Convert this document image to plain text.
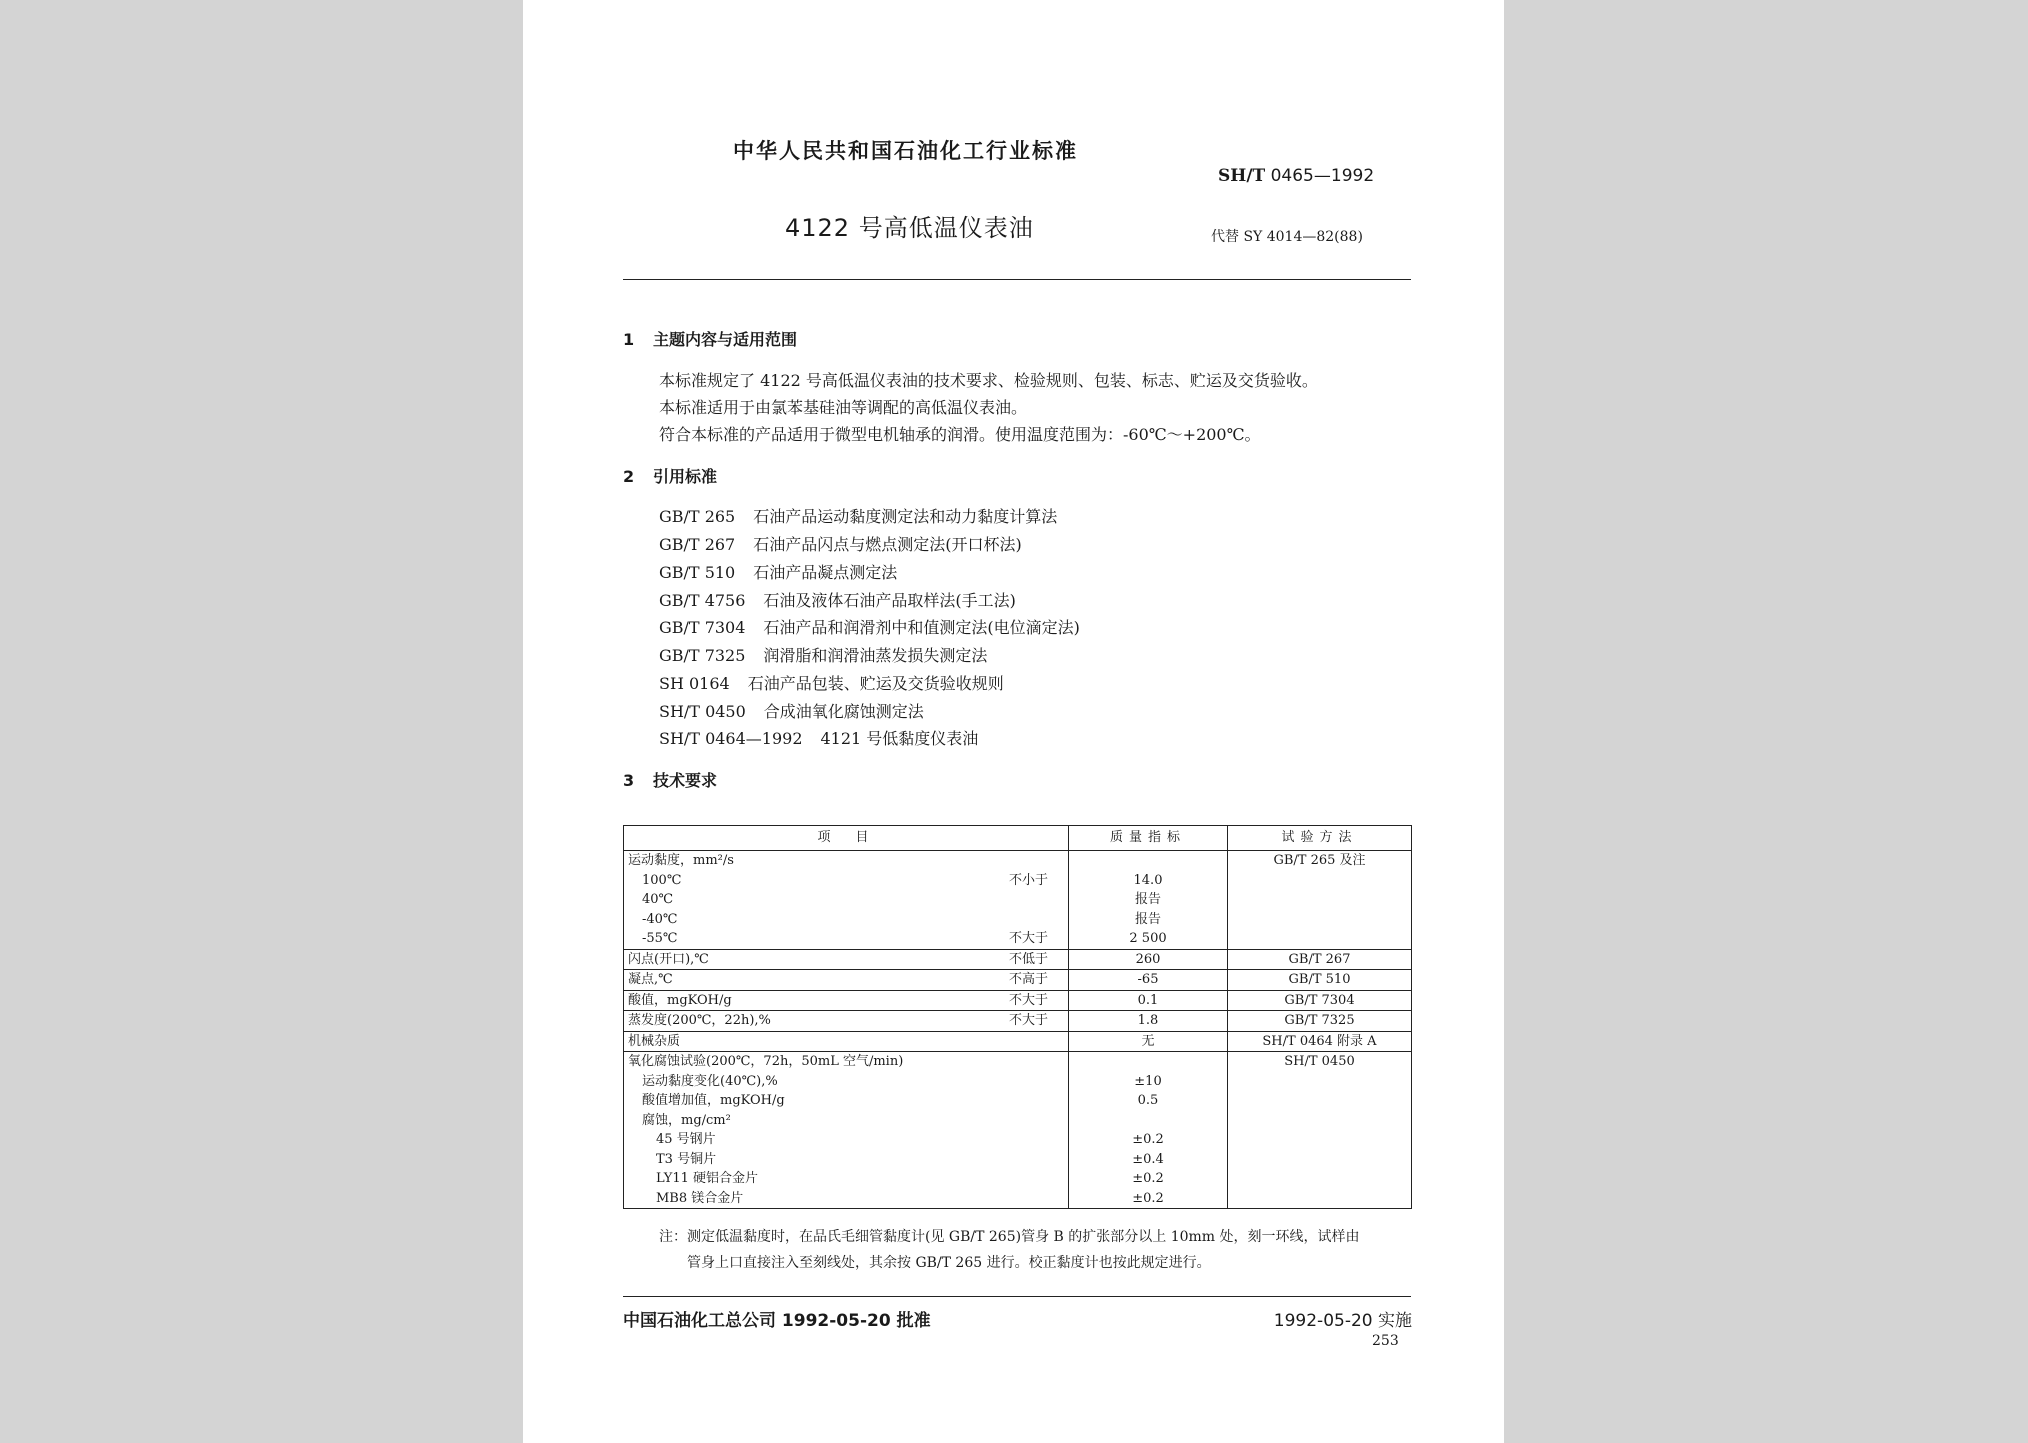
中华人民共和国石油化工行业标准
SH/T 0465—1992
4122 号高低温仪表油	代替 SY 4014—82(88)
1 主题内容与适用范围
本标准规定了 4122 号高低温仪表油的技术要求、检验规则、包装、标志、贮运及交货验收。
本标准适用于由氯苯基硅油等调配的高低温仪表油。
符合本标准的产品适用于微型电机轴承的润滑。使用温度范围为：-60℃～+200℃。
2 引用标准
GB/T 265 石油产品运动黏度测定法和动力黏度计算法
GB/T 267 石油产品闪点与燃点测定法(开口杯法)
GB/T 510 石油产品凝点测定法
GB/T 4756 石油及液体石油产品取样法(手工法)
GB/T 7304 石油产品和润滑剂中和值测定法(电位滴定法)
GB/T 7325 润滑脂和润滑油蒸发损失测定法
SH 0164 石油产品包装、贮运及交货验收规则
SH/T 0450 合成油氧化腐蚀测定法
SH/T 0464—1992 4121 号低黏度仪表油
3 技术要求
项　目	质量指标	试验方法
运动黏度，mm²/s		GB/T 265 及注
100℃ 不小于	14.0	
40℃	报告	
-40℃	报告	
-55℃ 不大于	2 500	
闪点(开口),℃ 不低于	260	GB/T 267
凝点,℃ 不高于	-65	GB/T 510
酸值，mgKOH/g 不大于	0.1	GB/T 7304
蒸发度(200℃，22h),% 不大于	1.8	GB/T 7325
机械杂质	无	SH/T 0464 附录 A
氧化腐蚀试验(200℃，72h，50mL 空气/min)		SH/T 0450
运动黏度变化(40℃),%	±10	
酸值增加值，mgKOH/g	0.5	
腐蚀，mg/cm²

45 号钢片	±0.2	
T3 号铜片	±0.4	
LY11 硬铝合金片	±0.2	
MB8 镁合金片	±0.2	
注：测定低温黏度时，在品氏毛细管黏度计(见 GB/T 265)管身 B 的扩张部分以上 10mm 处，刻一环线，试样由
管身上口直接注入至刻线处，其余按 GB/T 265 进行。校正黏度计也按此规定进行。
中国石油化工总公司 1992-05-20 批准	1992-05-20 实施
253
